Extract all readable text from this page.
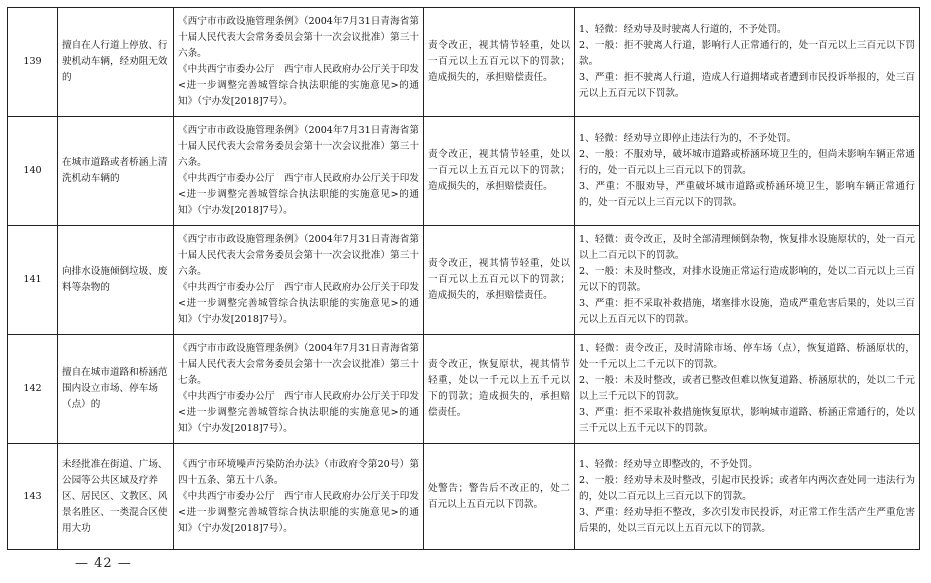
139	擅自在人行道上停放、行驶机动车辆，经劝阻无效的	《西宁市市政设施管理条例》（2004年7月31日青海省第十届人民代表大会常务委员会第十一次会议批准）第三十六条。
《中共西宁市委办公厅　西宁市人民政府办公厅关于印发<进一步调整完善城管综合执法职能的实施意见>的通知》（宁办发[2018]7号）。	责令改正，视其情节轻重，处以一百元以上五百元以下的罚款；造成损失的，承担赔偿责任。	1、轻微：经劝导及时驶离人行道的，不予处罚。
2、一般：拒不驶离人行道，影响行人正常通行的，处一百元以上三百元以下罚款。
3、严重：拒不驶离人行道，造成人行道拥堵或者遭到市民投诉举报的，处三百元以上五百元以下罚款。

140	在城市道路或者桥涵上清洗机动车辆的	《西宁市市政设施管理条例》（2004年7月31日青海省第十届人民代表大会常务委员会第十一次会议批准）第三十六条。
《中共西宁市委办公厅　西宁市人民政府办公厅关于印发<进一步调整完善城管综合执法职能的实施意见>的通知》（宁办发[2018]7号）。	责令改正，视其情节轻重，处以一百元以上五百元以下的罚款；造成损失的，承担赔偿责任。	1、轻微：经劝导立即停止违法行为的，不予处罚。
2、一般：不服劝导，破坏城市道路或桥涵环境卫生的，但尚未影响车辆正常通行的，处一百元以上三百元以下的罚款。
3、严重：不服劝导，严重破坏城市道路或桥涵环境卫生，影响车辆正常通行的，处一百元以上三百元以下的罚款。

141	向排水设施倾倒垃圾、废料等杂物的	《西宁市市政设施管理条例》（2004年7月31日青海省第十届人民代表大会常务委员会第十一次会议批准）第三十六条。
《中共西宁市委办公厅　西宁市人民政府办公厅关于印发<进一步调整完善城管综合执法职能的实施意见>的通知》（宁办发[2018]7号）。	责令改正，视其情节轻重，处以一百元以上五百元以下的罚款；造成损失的，承担赔偿责任。	1、轻微：责令改正，及时全部清理倾倒杂物，恢复排水设施原状的，处一百元以上二百元以下的罚款。
2、一般：未及时整改，对排水设施正常运行造成影响的，处以二百元以上三百元以下的罚款。
3、严重：拒不采取补救措施，堵塞排水设施，造成严重危害后果的，处以三百元以上五百元以下的罚款。

142	擅自在城市道路和桥涵范围内设立市场、停车场（点）的	《西宁市市政设施管理条例》（2004年7月31日青海省第十届人民代表大会常务委员会第十一次会议批准）第三十七条。
《中共西宁市委办公厅　西宁市人民政府办公厅关于印发<进一步调整完善城管综合执法职能的实施意见>的通知》（宁办发[2018]7号）。	责令改正，恢复原状，视其情节轻重，处以一千元以上五千元以下的罚款；造成损失的，承担赔偿责任。	1、轻微：责令改正，及时清除市场、停车场（点），恢复道路、桥涵原状的，处一千元以上二千元以下的罚款。
2、一般：未及时整改，或者已整改但难以恢复道路、桥涵原状的，处以二千元以上三千元以下的罚款。
3、严重：拒不采取补救措施恢复原状，影响城市道路、桥涵正常通行的，处以三千元以上五千元以下的罚款。

143	未经批准在街道、广场、公园等公共区域及疗养区、居民区、文教区、风景名胜区、一类混合区使用大功	《西宁市环境噪声污染防治办法》（市政府令第20号）第四十五条、第五十八条。
《中共西宁市委办公厅　西宁市人民政府办公厅关于印发<进一步调整完善城管综合执法职能的实施意见>的通知》（宁办发[2018]7号）。	处警告；警告后不改正的，处二百元以上五百元以下罚款。	1、轻微：经劝导立即整改的，不予处罚。
2、一般：经劝导未及时整改，引起市民投诉；或者年内两次查处同一违法行为的，处以二百元以上三百元以下的罚款。
3、严重：经劝导拒不整改，多次引发市民投诉，对正常工作生活产生严重危害后果的，处以三百元以上五百元以下的罚款。
— 42 —
